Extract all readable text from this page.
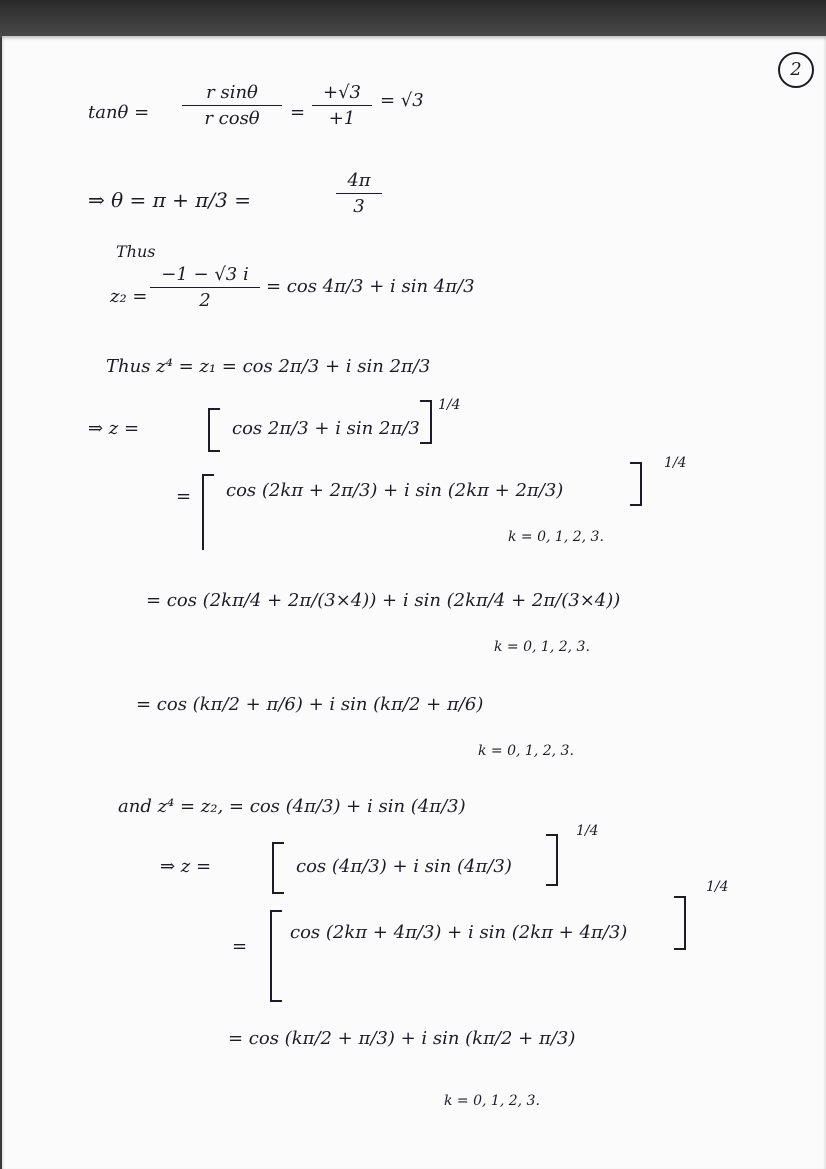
2
tanθ =
r sinθ
r cosθ	=
+√3
+1
= √3
⇒ θ = π + π/3 =
4π
3
Thus
z₂ =
−1 − √3 i
2
= cos 4π/3 + i sin 4π/3
Thus z⁴ = z₁ = cos 2π/3 + i sin 2π/3
⇒ z =	cos 2π/3 + i sin 2π/3
1/4
= cos (2kπ + 2π/3) + i sin (2kπ + 2π/3)
1/4
k = 0, 1, 2, 3.
= cos (2kπ/4 + 2π/(3×4)) + i sin (2kπ/4 + 2π/(3×4))
k = 0, 1, 2, 3.
= cos (kπ/2 + π/6) + i sin (kπ/2 + π/6)
k = 0, 1, 2, 3.
and z⁴ = z₂, = cos (4π/3) + i sin (4π/3)
⇒ z =	cos (4π/3) + i sin (4π/3)
1/4
=
cos (2kπ + 4π/3) + i sin (2kπ + 4π/3)
1/4
= cos (kπ/2 + π/3) + i sin (kπ/2 + π/3)
k = 0, 1, 2, 3.
